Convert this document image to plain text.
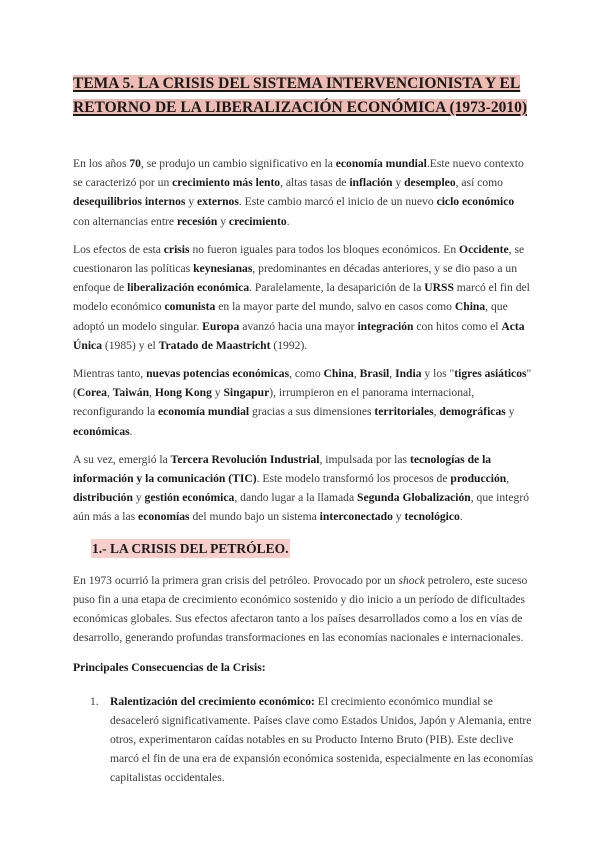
TEMA 5. LA CRISIS DEL SISTEMA INTERVENCIONISTA Y EL
RETORNO DE LA LIBERALIZACIÓN ECONÓMICA (1973-2010)

En los años 70, se produjo un cambio significativo en la economía mundial.Este nuevo contexto se caracterizó por un crecimiento más lento, altas tasas de inflación y desempleo, así como desequilibrios internos y externos. Este cambio marcó el inicio de un nuevo ciclo económico con alternancias entre recesión y crecimiento.

Los efectos de esta crisis no fueron iguales para todos los bloques económicos. En Occidente, se cuestionaron las políticas keynesianas, predominantes en décadas anteriores, y se dio paso a un enfoque de liberalización económica. Paralelamente, la desaparición de la URSS marcó el fin del modelo económico comunista en la mayor parte del mundo, salvo en casos como China, que adoptó un modelo singular. Europa avanzó hacia una mayor integración con hitos como el Acta Única (1985) y el Tratado de Maastricht (1992).

Mientras tanto, nuevas potencias económicas, como China, Brasil, India y los "tigres asiáticos" (Corea, Taiwán, Hong Kong y Singapur), irrumpieron en el panorama internacional, reconfigurando la economía mundial gracias a sus dimensiones territoriales, demográficas y económicas.

A su vez, emergió la Tercera Revolución Industrial, impulsada por las tecnologías de la información y la comunicación (TIC). Este modelo transformó los procesos de producción, distribución y gestión económica, dando lugar a la llamada Segunda Globalización, que integró aún más a las economías del mundo bajo un sistema interconectado y tecnológico.

1.- LA CRISIS DEL PETRÓLEO.

En 1973 ocurrió la primera gran crisis del petróleo. Provocado por un shock petrolero, este suceso puso fin a una etapa de crecimiento económico sostenido y dio inicio a un período de dificultades económicas globales. Sus efectos afectaron tanto a los países desarrollados como a los en vías de desarrollo, generando profundas transformaciones en las economías nacionales e internacionales.

Principales Consecuencias de la Crisis:

1. Ralentización del crecimiento económico: El crecimiento económico mundial se desaceleró significativamente. Países clave como Estados Unidos, Japón y Alemania, entre otros, experimentaron caídas notables en su Producto Interno Bruto (PIB). Este declive marcó el fin de una era de expansión económica sostenida, especialmente en las economías capitalistas occidentales.
